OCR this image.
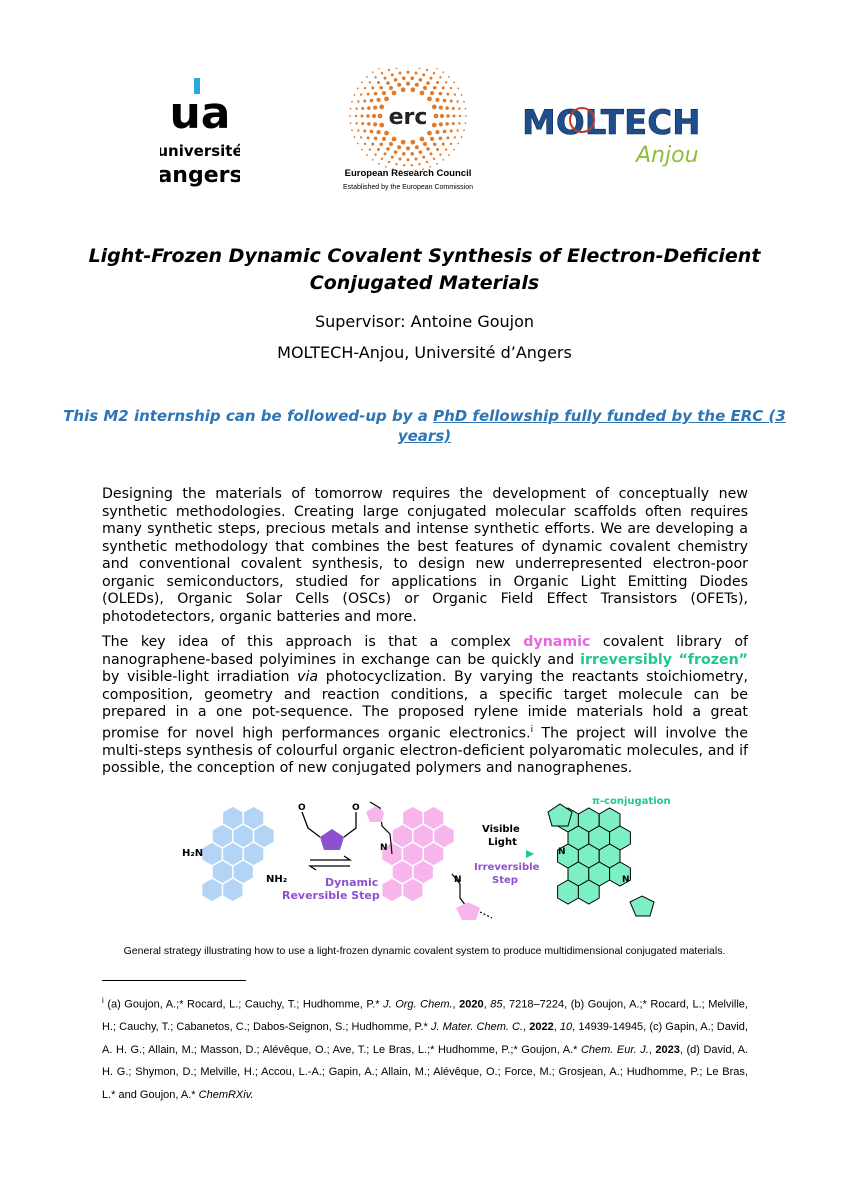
ua
université
angers
erc
European Research Council
Established by the European Commission
MOLTECH
Anjou
Light-Frozen Dynamic Covalent Synthesis of Electron-Deficient Conjugated Materials
Supervisor: Antoine Goujon
MOLTECH-Anjou, Université d’Angers
This M2 internship can be followed-up by a PhD fellowship fully funded by the ERC (3 years)
Designing the materials of tomorrow requires the development of conceptually new synthetic methodologies. Creating large conjugated molecular scaffolds often requires many synthetic steps, precious metals and intense synthetic efforts. We are developing a synthetic methodology that combines the best features of dynamic covalent chemistry and conventional covalent synthesis, to design new underrepresented electron-poor organic semiconductors, studied for applications in Organic Light Emitting Diodes (OLEDs), Organic Solar Cells (OSCs) or Organic Field Effect Transistors (OFETs), photodetectors, organic batteries and more.
The key idea of this approach is that a complex dynamic covalent library of nanographene-based polyimines in exchange can be quickly and irreversibly “frozen” by visible-light irradiation via photocyclization. By varying the reactants stoichiometry, composition, geometry and reaction conditions, a specific target molecule can be prepared in a one pot-sequence. The proposed rylene imide materials hold a great promise for novel high performances organic electronics.$^i$ The project will involve the multi-steps synthesis of colourful organic electron-deficient polyaromatic molecules, and if possible, the conception of new conjugated polymers and nanographenes.
H₂N
NH₂
O	O
Dynamic
Reversible Step
N
N
Visible
Light
Irreversible
Step
π-conjugation
N
N
General strategy illustrating how to use a light-frozen dynamic covalent system to produce multidimensional conjugated materials.
$^i$ (a) Goujon, A.;* Rocard, L.; Cauchy, T.; Hudhomme, P.* J. Org. Chem., 2020, 85, 7218–7224, (b) Goujon, A.;* Rocard, L.; Melville, H.; Cauchy, T.; Cabanetos, C.; Dabos-Seignon, S.; Hudhomme, P.* J. Mater. Chem. C., 2022, 10, 14939-14945, (c) Gapin, A.; David, A. H. G.; Allain, M.; Masson, D.; Alévêque, O.; Ave, T.; Le Bras, L.;* Hudhomme, P.;* Goujon, A.* Chem. Eur. J., 2023, (d) David, A. H. G.; Shymon, D.; Melville, H.; Accou, L.-A.; Gapin, A.; Allain, M.; Alévêque, O.; Force, M.; Grosjean, A.; Hudhomme, P.; Le Bras, L.* and Goujon, A.* ChemRXiv.
